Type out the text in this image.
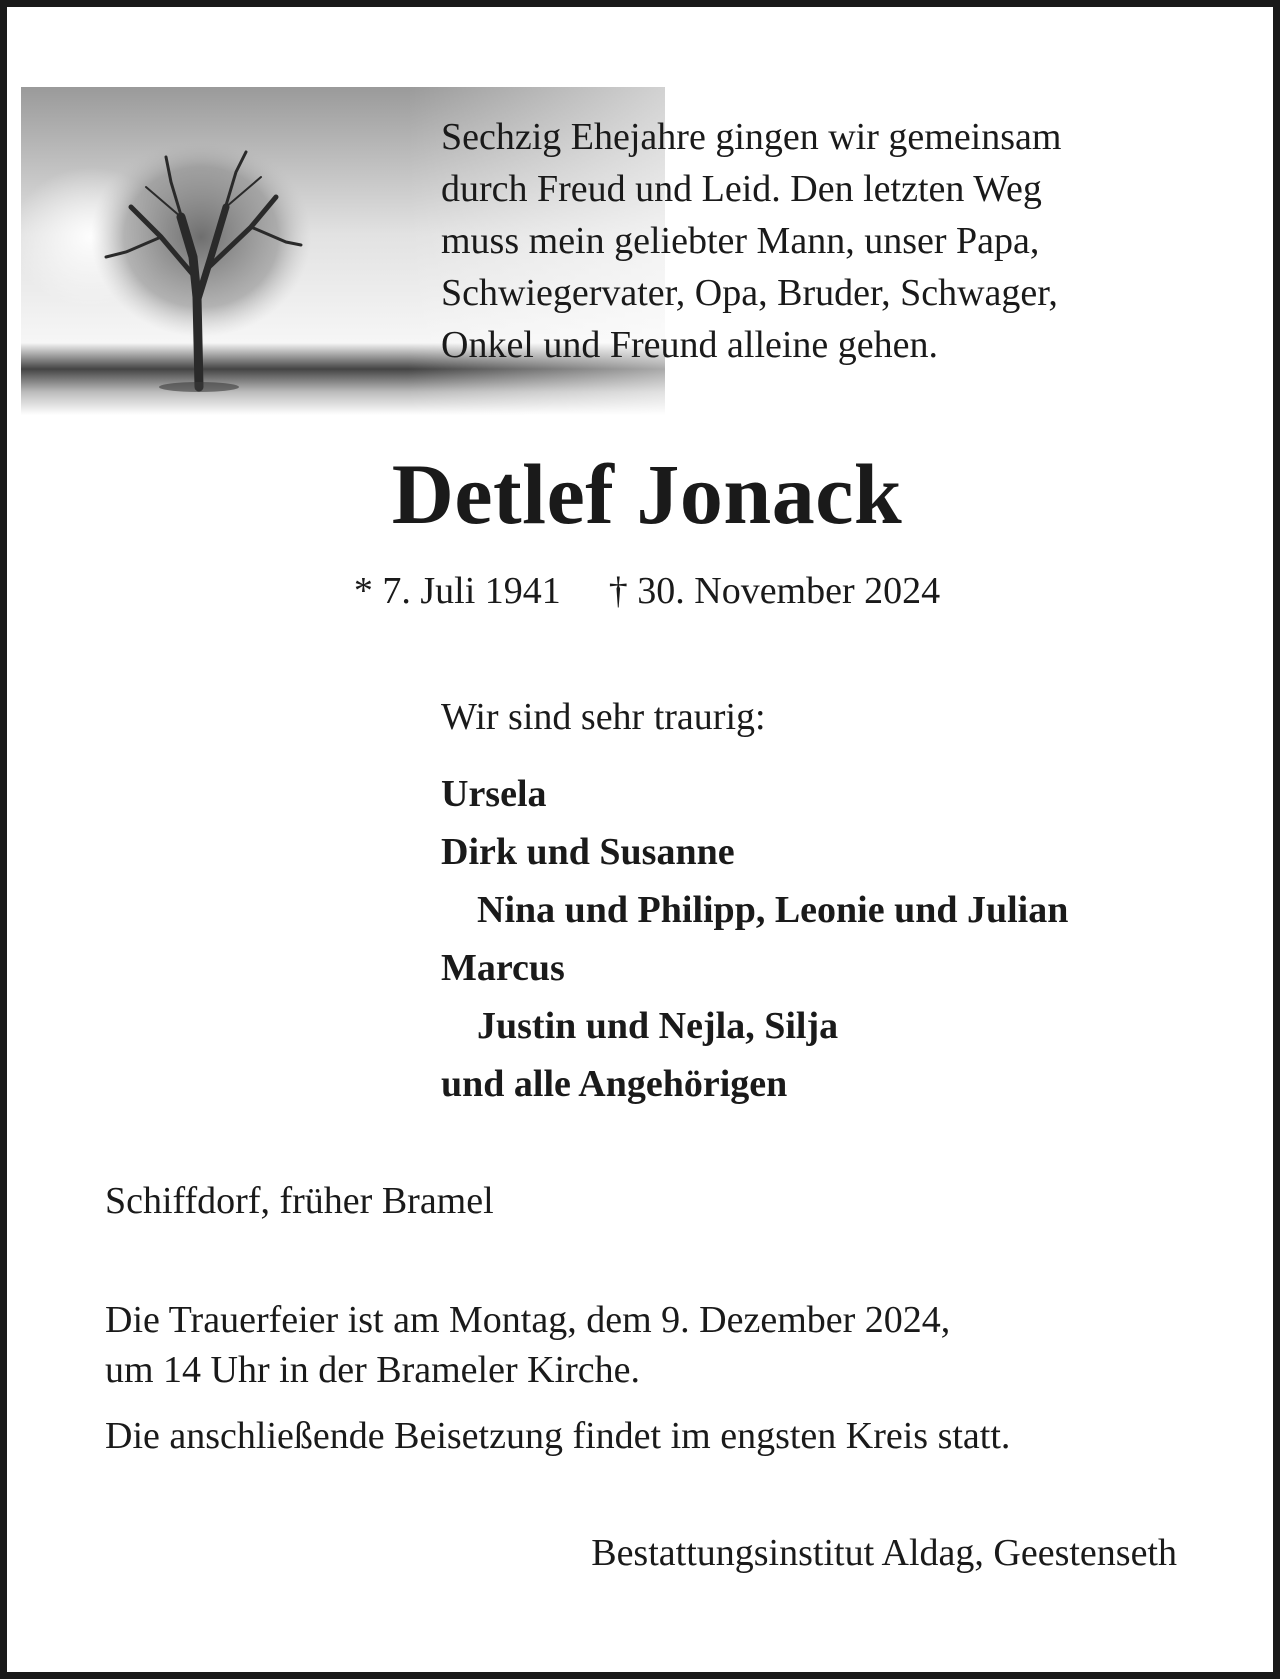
Sechzig Ehejahre gingen wir gemeinsam
durch Freud und Leid. Den letzten Weg
muss mein geliebter Mann, unser Papa,
Schwiegervater, Opa, Bruder, Schwager,
Onkel und Freund alleine gehen.
Detlef Jonack
* 7. Juli 1941 † 30. November 2024
Wir sind sehr traurig:
Ursela
Dirk und Susanne
Nina und Philipp, Leonie und Julian
Marcus
Justin und Nejla, Silja
und alle Angehörigen
Schiffdorf, früher Bramel
Die Trauerfeier ist am Montag, dem 9. Dezember 2024,
um 14 Uhr in der Brameler Kirche.
Die anschließende Beisetzung findet im engsten Kreis statt.
Bestattungsinstitut Aldag, Geestenseth
